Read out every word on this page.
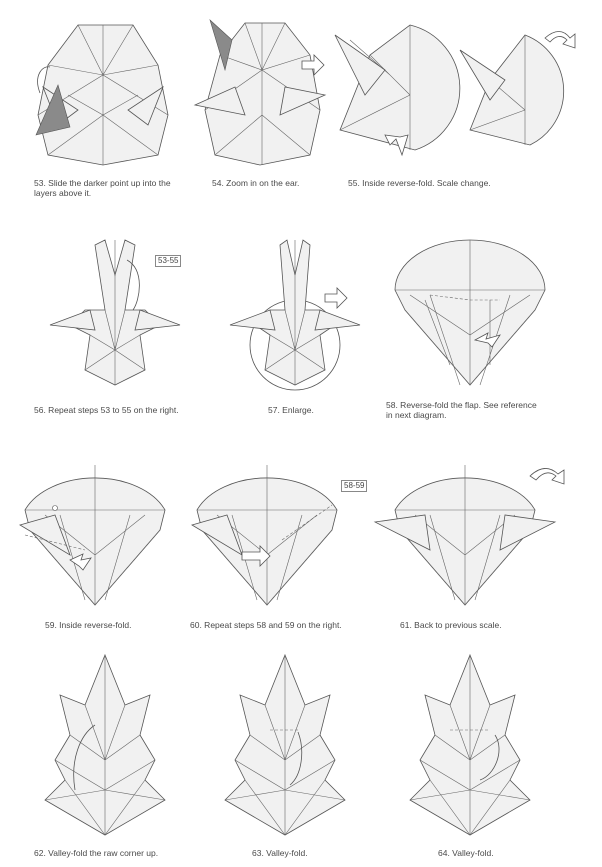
53. Slide the darker point up into the
layers above it.
54. Zoom in on the ear.	55. Inside reverse-fold. Scale change.
53-55
56. Repeat steps 53 to 55 on the right.	57. Enlarge.	58. Reverse-fold the flap. See reference
in next diagram.
59. Inside reverse-fold.
58-59
60. Repeat steps 58 and 59 on the right.	61. Back to previous scale.
62. Valley-fold the raw corner up.	63. Valley-fold.	64. Valley-fold.
